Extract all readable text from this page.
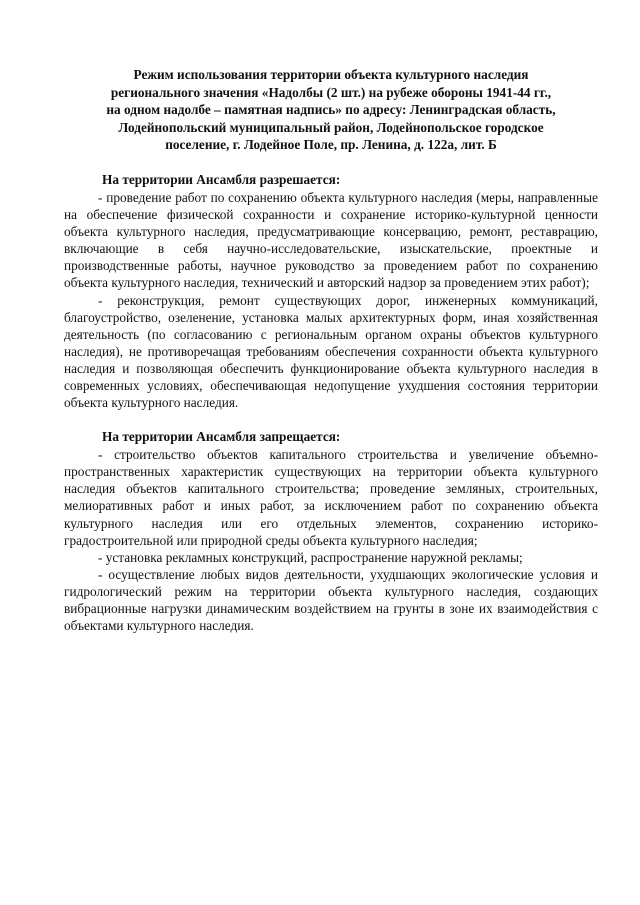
Режим использования территории объекта культурного наследия
регионального значения «Надолбы (2 шт.) на рубеже обороны 1941-44 гг.,
на одном надолбе – памятная надпись» по адресу: Ленинградская область,
Лодейнопольский муниципальный район, Лодейнопольское городское
поселение, г. Лодейное Поле, пр. Ленина, д. 122а, лит. Б
На территории Ансамбля разрешается:

- проведение работ по сохранению объекта культурного наследия (меры, направленные на обеспечение физической сохранности и сохранение историко-культурной ценности объекта культурного наследия, предусматривающие консервацию, ремонт, реставрацию, включающие в себя научно-исследовательские, изыскательские, проектные и производственные работы, научное руководство за проведением работ по сохранению объекта культурного наследия, технический и авторский надзор за проведением этих работ);

- реконструкция, ремонт существующих дорог, инженерных коммуникаций, благоустройство, озеленение, установка малых архитектурных форм, иная хозяйственная деятельность (по согласованию с региональным органом охраны объектов культурного наследия), не противоречащая требованиям обеспечения сохранности объекта культурного наследия и позволяющая обеспечить функционирование объекта культурного наследия в современных условиях, обеспечивающая недопущение ухудшения состояния территории объекта культурного наследия.

На территории Ансамбля запрещается:

- строительство объектов капитального строительства и увеличение объемно-пространственных характеристик существующих на территории объекта культурного наследия объектов капитального строительства; проведение земляных, строительных, мелиоративных работ и иных работ, за исключением работ по сохранению объекта культурного наследия или его отдельных элементов, сохранению историко-градостроительной или природной среды объекта культурного наследия;

- установка рекламных конструкций, распространение наружной рекламы;

- осуществление любых видов деятельности, ухудшающих экологические условия и гидрологический режим на территории объекта культурного наследия, создающих вибрационные нагрузки динамическим воздействием на грунты в зоне их взаимодействия с объектами культурного наследия.
